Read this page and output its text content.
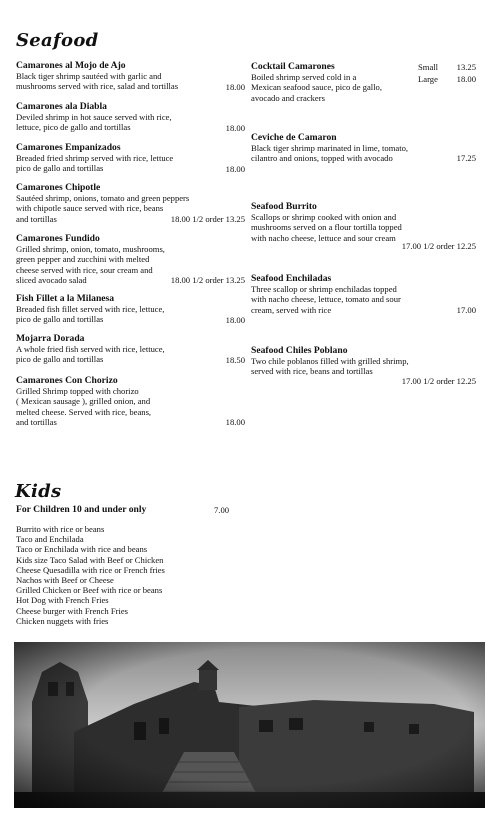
Seafood
Camarones al Mojo de Ajo
Black tiger shrimp sautéed with garlic and
mushrooms served with rice, salad and tortillas	18.00
Camarones ala Diabla
Deviled shrimp in hot sauce served with rice,
lettuce, pico de gallo and tortillas	18.00
Camarones Empanizados
Breaded fried shrimp served with rice, lettuce
pico de gallo and tortillas	18.00
Camarones Chipotle
Sautéed shrimp, onions, tomato and green peppers
with chipotle sauce served with rice, beans
and tortillas	18.00 1/2 order 13.25
Camarones Fundido
Grilled shrimp, onion, tomato, mushrooms,
green pepper and zucchini with melted
cheese served with rice, sour cream and
sliced avocado salad	18.00 1/2 order 13.25
Fish Fillet a la Milanesa
Breaded fish fillet served with rice, lettuce,
pico de gallo and tortillas	18.00
Mojarra Dorada
A whole fried fish served with rice, lettuce,
pico de gallo and tortillas	18.50
Camarones Con Chorizo
Grilled Shrimp topped with chorizo
( Mexican sausage ), grilled onion, and
melted cheese. Served with rice, beans,
and tortillas	18.00
Cocktail Camarones
Boiled shrimp served cold in a
Mexican seafood sauce, pico de gallo,
avocado and crackers
Small 13.25
Large 18.00
Ceviche de Camaron
Black tiger shrimp marinated in lime, tomato,
cilantro and onions, topped with avocado	17.25
Seafood Burrito
Scallops or shrimp cooked with onion and
mushrooms served on a flour tortilla topped
with nacho cheese, lettuce and sour cream
17.00 1/2 order 12.25
Seafood Enchiladas
Three scallop or shrimp enchiladas topped
with nacho cheese, lettuce, tomato and sour
cream, served with rice	17.00
Seafood Chiles Poblano
Two chile poblanos filled with grilled shrimp,
served with rice, beans and tortillas
17.00 1/2 order 12.25
Kids
For Children 10 and under only	7.00
Burrito with rice or beans
Taco and Enchilada
Taco or Enchilada with rice and beans
Kids size Taco Salad with Beef or Chicken
Cheese Quesadilla with rice or French fries
Nachos with Beef or Cheese
Grilled Chicken or Beef with rice or beans
Hot Dog with French Fries
Cheese burger with French Fries
Chicken nuggets with fries
